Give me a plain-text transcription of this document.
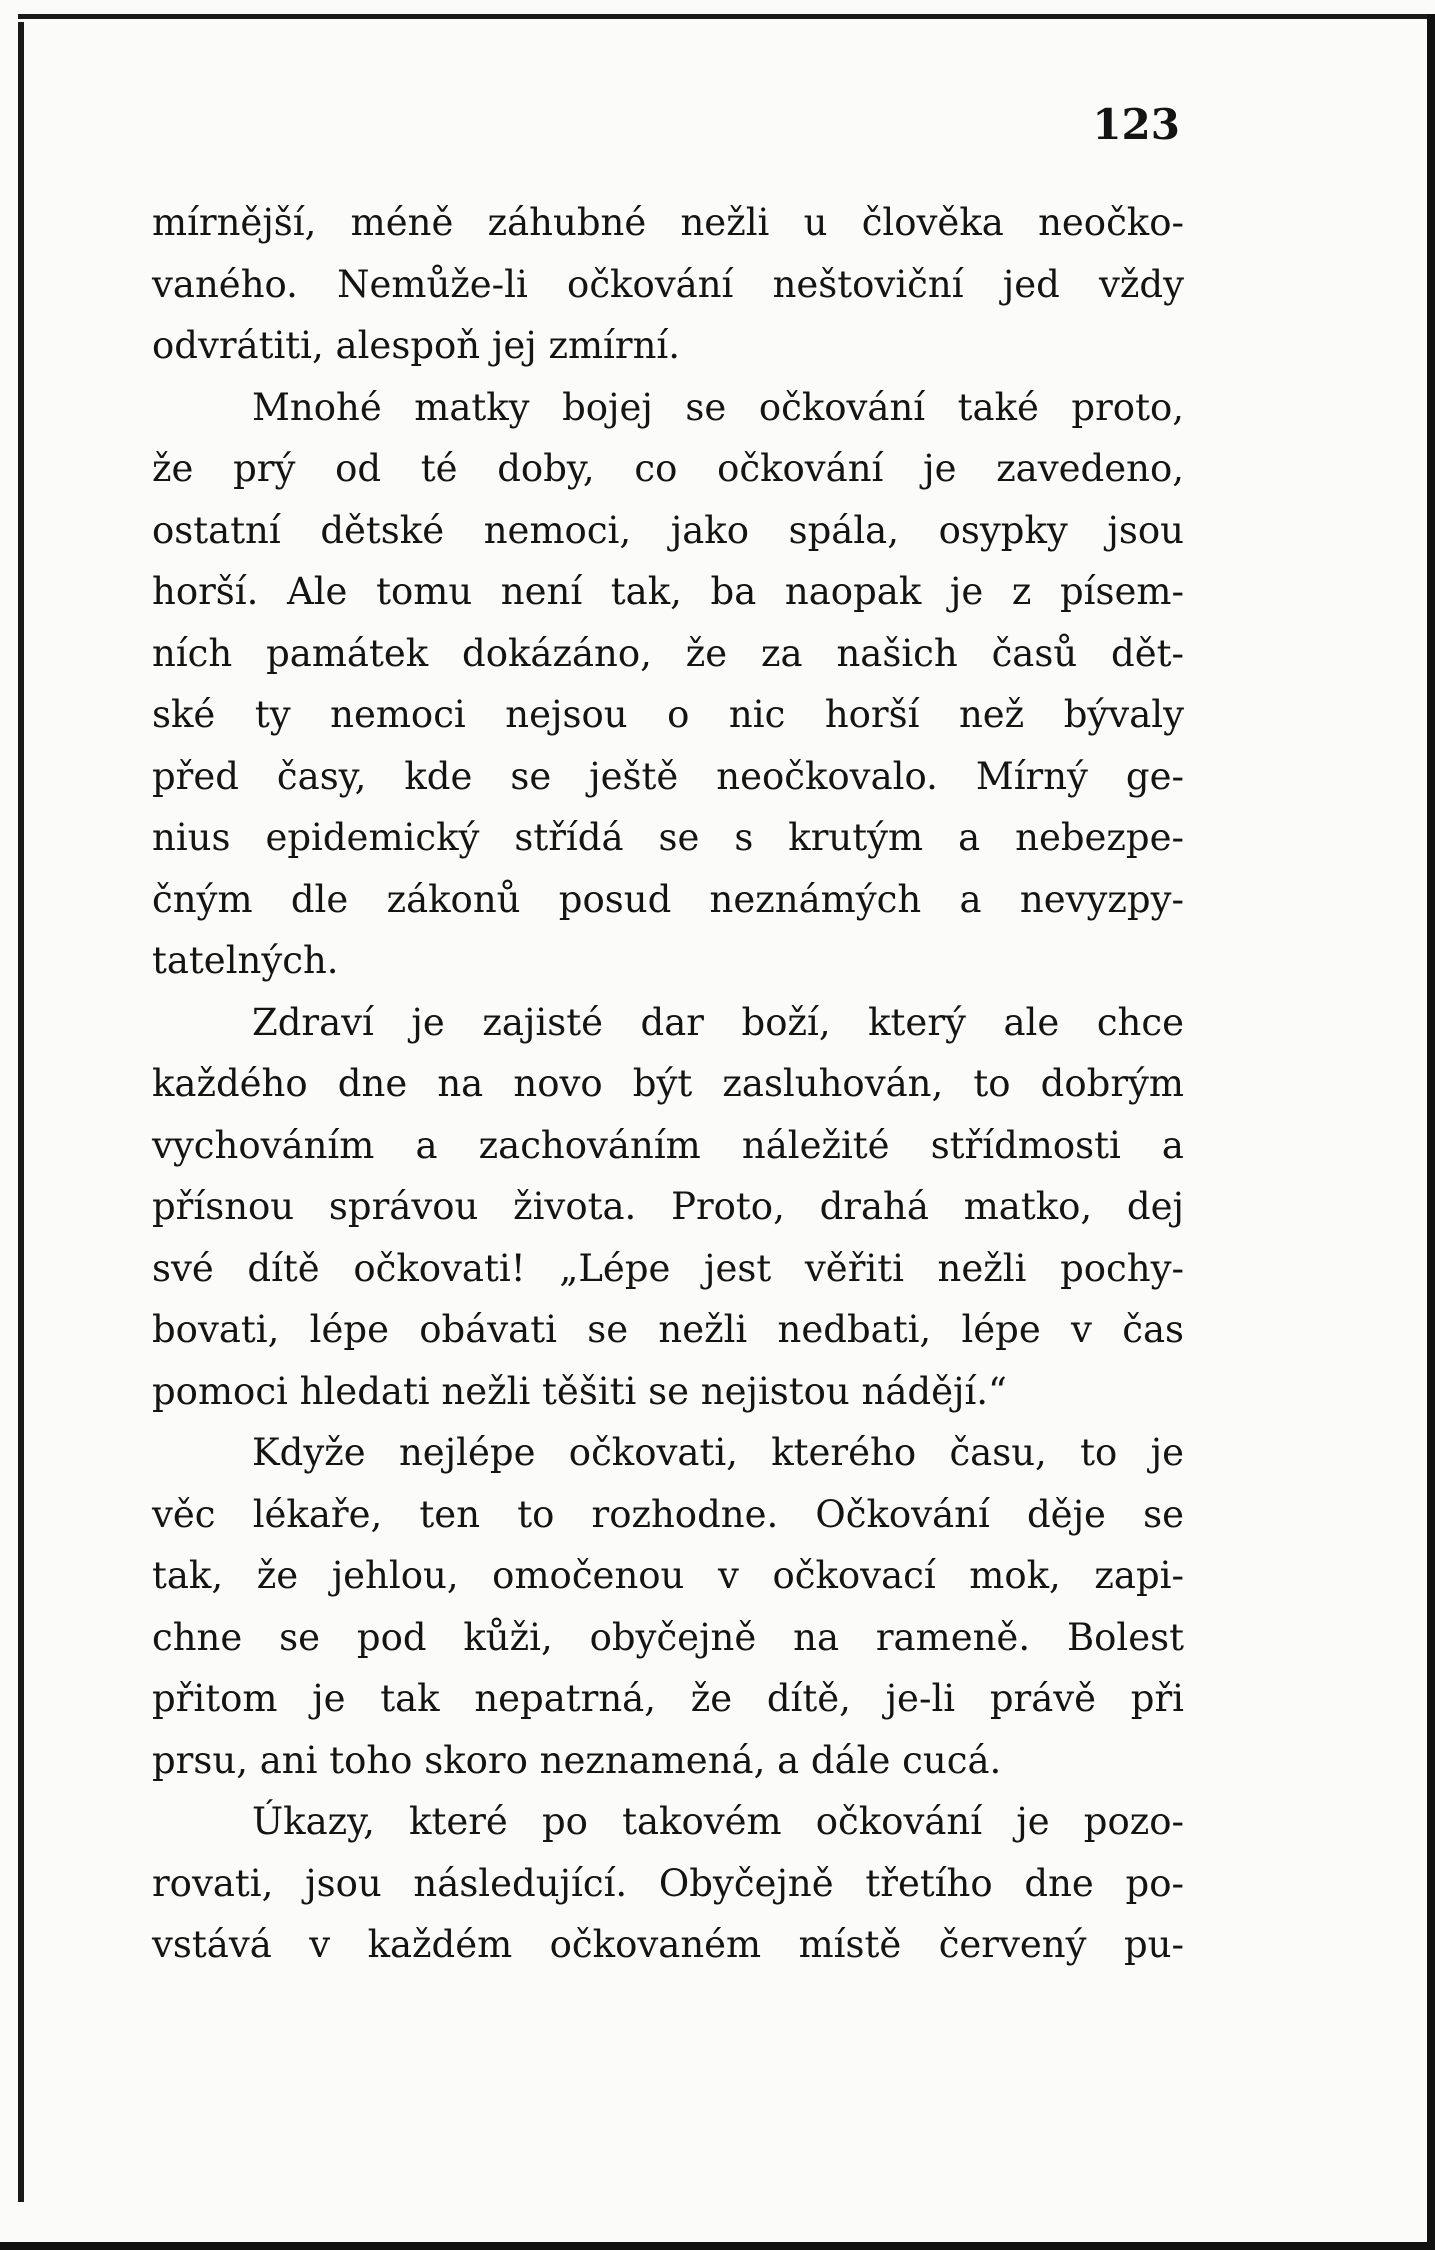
123
mírnější, méně záhubné nežli u člověka neočko-
vaného. Nemůže-li očkování neštoviční jed vždy
odvrátiti, alespoň jej zmírní.
Mnohé matky bojej se očkování také proto,
že prý od té doby, co očkování je zavedeno,
ostatní dětské nemoci, jako spála, osypky jsou
horší. Ale tomu není tak, ba naopak je z písem-
ních památek dokázáno, že za našich časů dět-
ské ty nemoci nejsou o nic horší než bývaly
před časy, kde se ještě neočkovalo. Mírný ge-
nius epidemický střídá se s krutým a nebezpe-
čným dle zákonů posud neznámých a nevyzpy-
tatelných.
Zdraví je zajisté dar boží, který ale chce
každého dne na novo být zasluhován, to dobrým
vychováním a zachováním náležité střídmosti a
přísnou správou života. Proto, drahá matko, dej
své dítě očkovati! „Lépe jest věřiti nežli pochy-
bovati, lépe obávati se nežli nedbati, lépe v čas
pomoci hledati nežli těšiti se nejistou nádějí.“
Kdyže nejlépe očkovati, kterého času, to je
věc lékaře, ten to rozhodne. Očkování děje se
tak, že jehlou, omočenou v očkovací mok, zapi-
chne se pod kůži, obyčejně na rameně. Bolest
přitom je tak nepatrná, že dítě, je-li právě při
prsu, ani toho skoro neznamená, a dále cucá.
Úkazy, které po takovém očkování je pozo-
rovati, jsou následující. Obyčejně třetího dne po-
vstává v každém očkovaném místě červený pu-
